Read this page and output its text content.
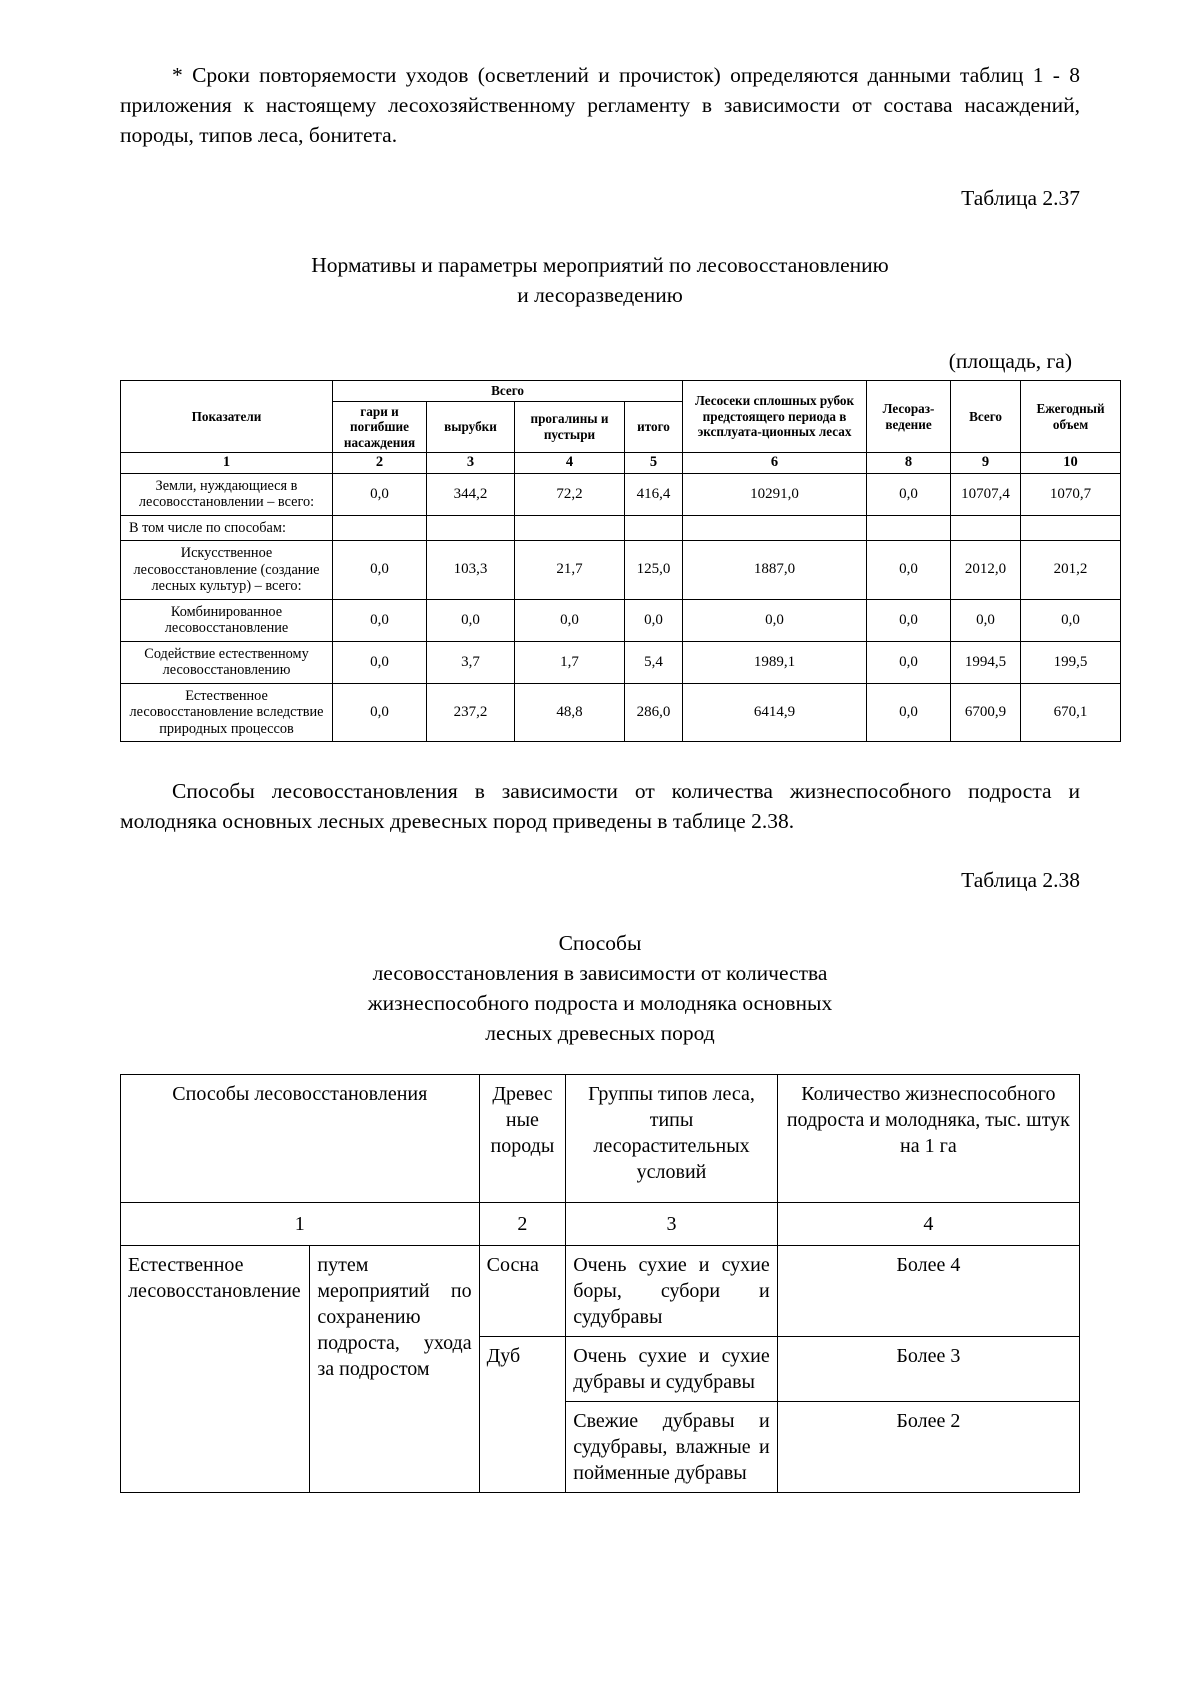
* Сроки повторяемости уходов (осветлений и прочисток) определяются данными таблиц 1 - 8 приложения к настоящему лесохозяйственному регламенту в зависимости от состава насаждений, породы, типов леса, бонитета.

Таблица 2.37

Нормативы и параметры мероприятий по лесовосстановлению

и лесоразведению

(площадь, га)

Показатели	Всего				Лесосеки сплошных рубок предстоящего периода в эксплуата-ционных лесах	Лесораз-ведение	Всего	Ежегодный объем
	гари и погибшие насаждения	вырубки	прогалины и пустыри	итого				
1	2	3	4	5	6	8	9	10
Земли, нуждающиеся в лесовосстановлении – всего:	0,0	344,2	72,2	416,4	10291,0	0,0	10707,4	1070,7
В том числе по способам:								
Искусственное лесовосстановление (создание лесных культур) – всего:	0,0	103,3	21,7	125,0	1887,0	0,0	2012,0	201,2
Комбинированное лесовосстановление	0,0	0,0	0,0	0,0	0,0	0,0	0,0	0,0
Содействие естественному лесовосстановлению	0,0	3,7	1,7	5,4	1989,1	0,0	1994,5	199,5
Естественное лесовосстановление вследствие природных процессов	0,0	237,2	48,8	286,0	6414,9	0,0	6700,9	670,1

Способы лесовосстановления в зависимости от количества жизнеспособного подроста и молодняка основных лесных древесных пород приведены в таблице 2.38.

Таблица 2.38

Способы

лесовосстановления в зависимости от количества

жизнеспособного подроста и молодняка основных

лесных древесных пород

Способы лесовосстановления		Древес ные породы	Группы типов леса, типы лесорастительных условий	Количество жизнеспособного подроста и молодняка, тыс. штук на 1 га
1		2	3	4
Естественное лесовосстановление	путем мероприятий по сохранению подроста, ухода за подростом	Сосна	Очень сухие и сухие боры, субори и судубравы	Более 4
		Дуб	Очень сухие и сухие дубравы и судубравы	Более 3
			Свежие дубравы и судубравы, влажные и пойменные дубравы	Более 2
